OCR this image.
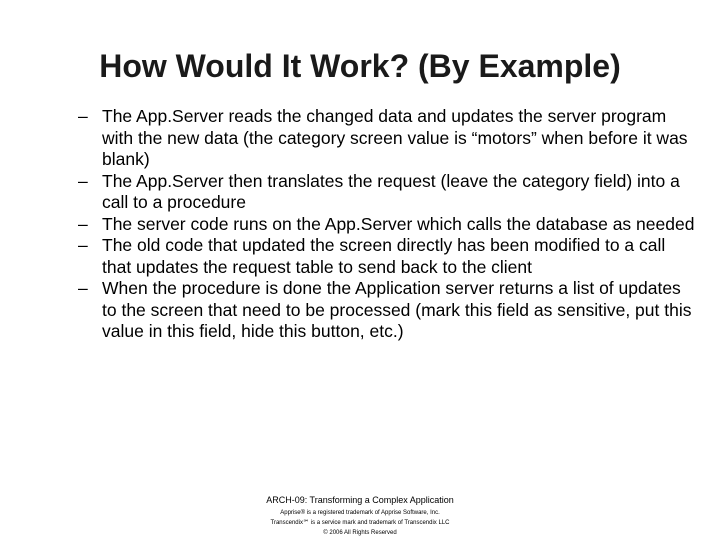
How Would It Work? (By Example)
– The App.Server reads the changed data and updates the server program with the new data (the category screen value is “motors” when before it was blank)
– The App.Server then translates the request (leave the category field) into a call to a procedure
– The server code runs on the App.Server which calls the database as needed
– The old code that updated the screen directly has been modified to a call that updates the request table to send back to the client
– When the procedure is done the Application server returns a list of updates to the screen that need to be processed (mark this field as sensitive, put this value in this field, hide this button, etc.)
ARCH-09: Transforming a Complex Application
Apprise® is a registered trademark of Apprise Software, Inc.
Transcendix℠ is a service mark and trademark of Transcendix LLC
© 2006 All Rights Reserved
